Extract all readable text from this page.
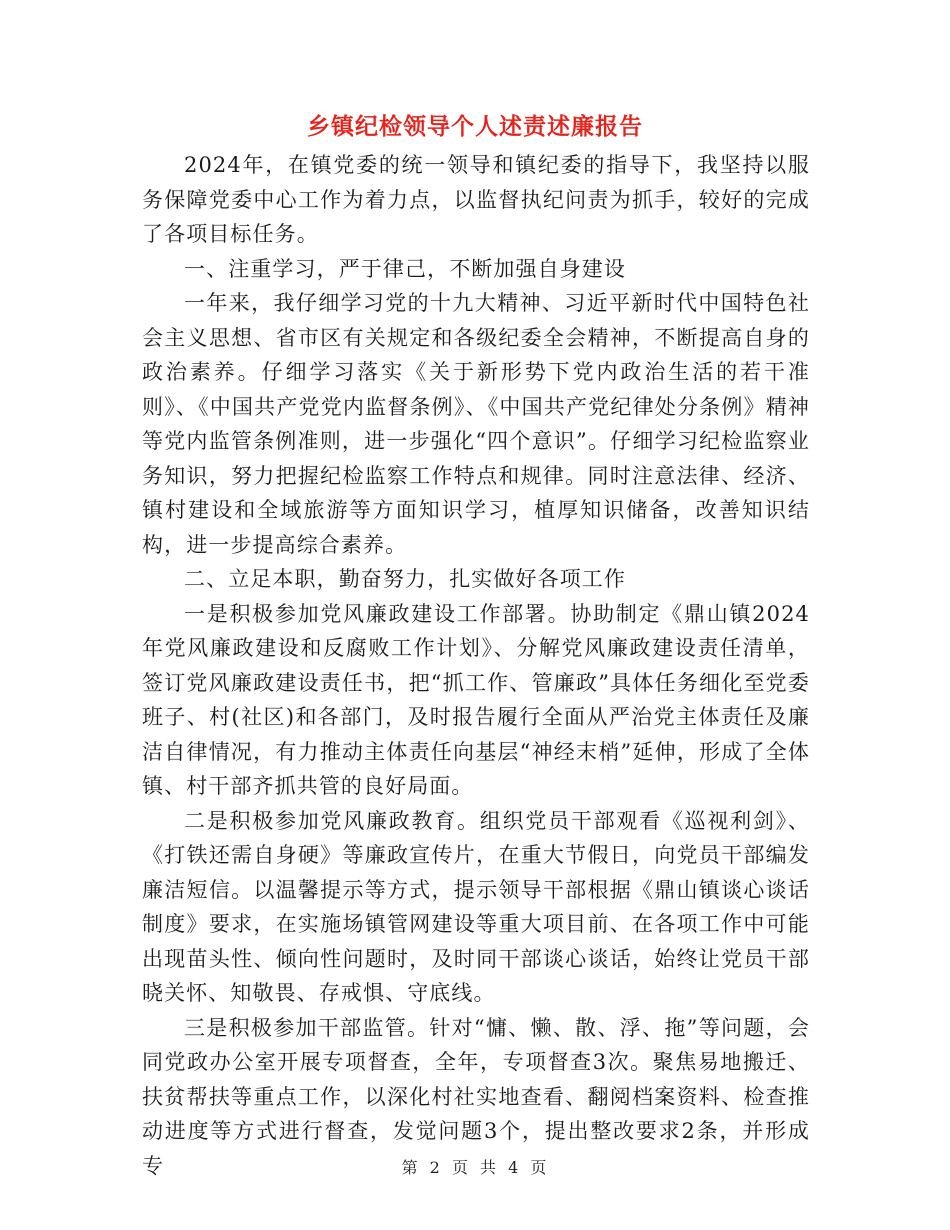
乡镇纪检领导个人述责述廉报告

2024年，在镇党委的统一领导和镇纪委的指导下，我坚持以服务保障党委中心工作为着力点，以监督执纪问责为抓手，较好的完成了各项目标任务。

一、注重学习，严于律己，不断加强自身建设

一年来，我仔细学习党的十九大精神、习近平新时代中国特色社会主义思想、省市区有关规定和各级纪委全会精神，不断提高自身的政治素养。仔细学习落实《关于新形势下党内政治生活的若干准则》、《中国共产党党内监督条例》、《中国共产党纪律处分条例》精神等党内监管条例准则，进一步强化“四个意识”。仔细学习纪检监察业务知识，努力把握纪检监察工作特点和规律。同时注意法律、经济、镇村建设和全域旅游等方面知识学习，植厚知识储备，改善知识结构，进一步提高综合素养。

二、立足本职，勤奋努力，扎实做好各项工作

一是积极参加党风廉政建设工作部署。协助制定《鼎山镇2024年党风廉政建设和反腐败工作计划》、分解党风廉政建设责任清单，签订党风廉政建设责任书，把“抓工作、管廉政”具体任务细化至党委班子、村(社区)和各部门，及时报告履行全面从严治党主体责任及廉洁自律情况，有力推动主体责任向基层“神经末梢”延伸，形成了全体镇、村干部齐抓共管的良好局面。

二是积极参加党风廉政教育。组织党员干部观看《巡视利剑》、《打铁还需自身硬》等廉政宣传片，在重大节假日，向党员干部编发廉洁短信。以温馨提示等方式，提示领导干部根据《鼎山镇谈心谈话制度》要求，在实施场镇管网建设等重大项目前、在各项工作中可能出现苗头性、倾向性问题时，及时同干部谈心谈话，始终让党员干部晓关怀、知敬畏、存戒惧、守底线。

三是积极参加干部监管。针对“慵、懒、散、浮、拖”等问题，会同党政办公室开展专项督查，全年，专项督查3次。聚焦易地搬迁、扶贫帮扶等重点工作，以深化村社实地查看、翻阅档案资料、检查推动进度等方式进行督查，发觉问题3个，提出整改要求2条，并形成专	第 2 页 共 4 页
